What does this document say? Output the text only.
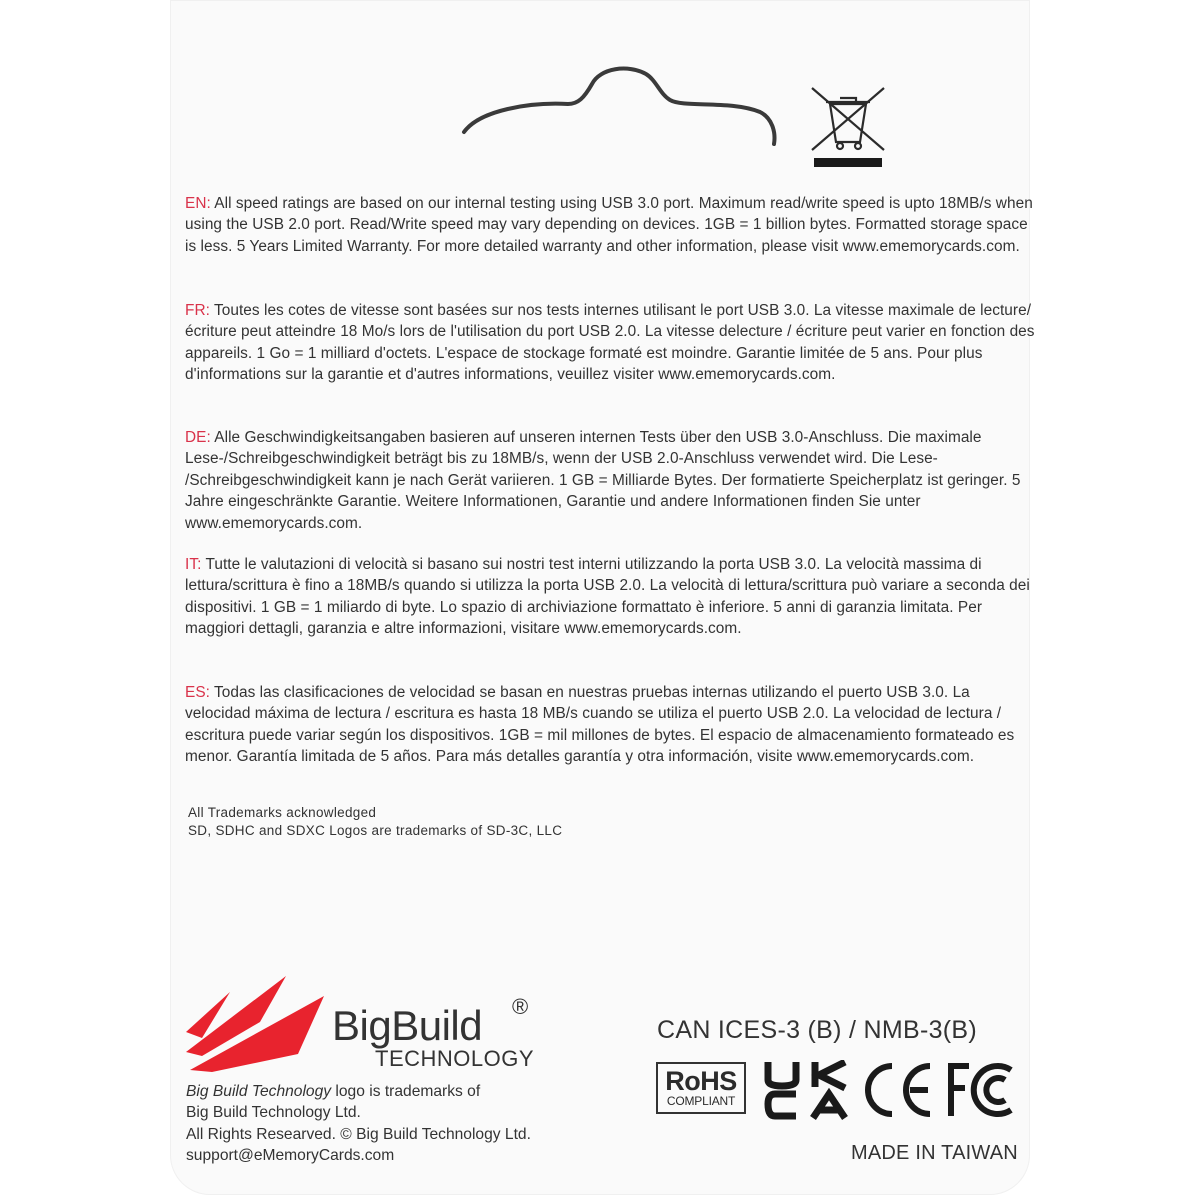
EN: All speed ratings are based on our internal testing using USB 3.0 port. Maximum read/write speed is upto 18MB/s when using the USB 2.0 port. Read/Write speed may vary depending on devices. 1GB = 1 billion bytes. Formatted storage space is less. 5 Years Limited Warranty. For more detailed warranty and other information, please visit www.ememorycards.com.
FR: Toutes les cotes de vitesse sont basées sur nos tests internes utilisant le port USB 3.0. La vitesse maximale de lecture/écriture peut atteindre 18 Mo/s lors de l'utilisation du port USB 2.0. La vitesse delecture / écriture peut varier en fonction des appareils. 1 Go = 1 milliard d'octets. L'espace de stockage formaté est moindre. Garantie limitée de 5 ans. Pour plus d'informations sur la garantie et d'autres informations, veuillez visiter www.ememorycards.com.
DE: Alle Geschwindigkeitsangaben basieren auf unseren internen Tests über den USB 3.0-Anschluss. Die maximale Lese-/Schreibgeschwindigkeit beträgt bis zu 18MB/s, wenn der USB 2.0-Anschluss verwendet wird. Die Lese- /Schreibgeschwindigkeit kann je nach Gerät variieren. 1 GB = Milliarde Bytes. Der formatierte Speicherplatz ist geringer. 5 Jahre eingeschränkte Garantie. Weitere Informationen, Garantie und andere Informationen finden Sie unter www.ememorycards.com.
IT: Tutte le valutazioni di velocità si basano sui nostri test interni utilizzando la porta USB 3.0. La velocità massima di lettura/scrittura è fino a 18MB/s quando si utilizza la porta USB 2.0. La velocità di lettura/scrittura può variare a seconda dei dispositivi. 1 GB = 1 miliardo di byte. Lo spazio di archiviazione formattato è inferiore. 5 anni di garanzia limitata. Per maggiori dettagli, garanzia e altre informazioni, visitare www.ememorycards.com.
ES: Todas las clasificaciones de velocidad se basan en nuestras pruebas internas utilizando el puerto USB 3.0. La velocidad máxima de lectura / escritura es hasta 18 MB/s cuando se utiliza el puerto USB 2.0. La velocidad de lectura / escritura puede variar según los dispositivos. 1GB = mil millones de bytes. El espacio de almacenamiento formateado es menor. Garantía limitada de 5 años. Para más detalles garantía y otra información, visite www.ememorycards.com.
All Trademarks acknowledged
SD, SDHC and SDXC Logos are trademarks of SD-3C, LLC
BigBuild ®
TECHNOLOGY
Big Build Technology logo is trademarks of
Big Build Technology Ltd.
All Rights Researved. © Big Build Technology Ltd.
support@eMemoryCards.com
CAN ICES-3 (B) / NMB-3(B)
RoHS
COMPLIANT
MADE IN TAIWAN
